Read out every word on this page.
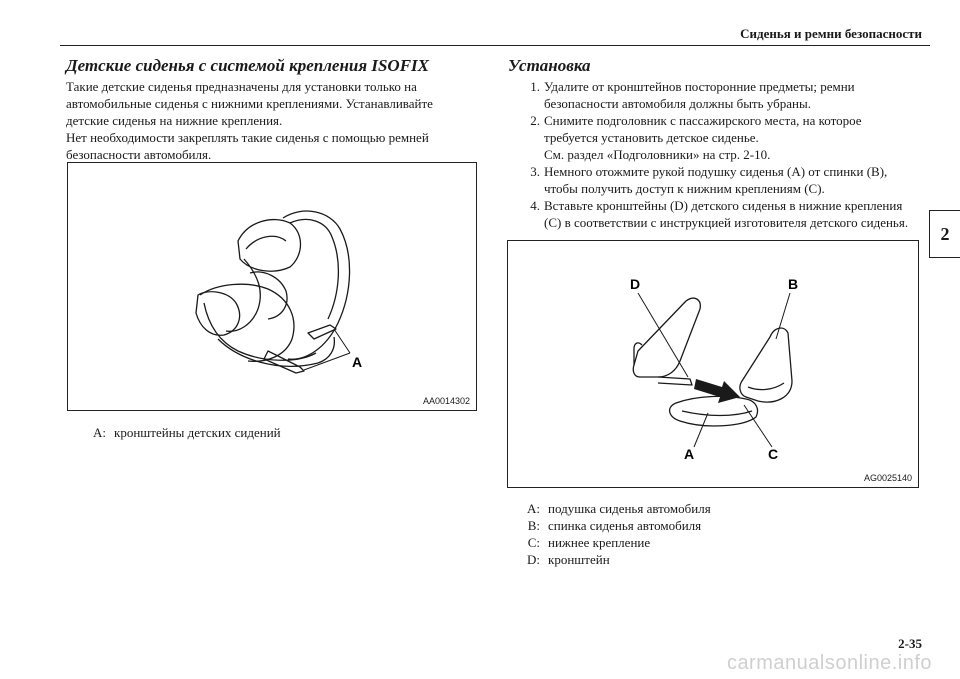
Сиденья и ремни безопасности
2
Детские сиденья с системой крепления ISOFIX

Такие детские сиденья предназначены для установки только на автомобильные сиденья с нижними креплениями. Устанавливайте детские сиденья на нижние крепления.

Нет необходимости закреплять такие сиденья с помощью ремней безопасности автомобиля.

A
AA0014302
A: кронштейны детских сидений
Установка
1. Удалите от кронштейнов посторонние предметы; ремни безопасности автомобиля должны быть убраны.
2. Снимите подголовник с пассажирского места, на которое требуется установить детское сиденье.
См. раздел «Подголовники» на стр. 2-10.
3. Немного отожмите рукой подушку сиденья (A) от спинки (B), чтобы получить доступ к нижним креплениям (C).
4. Вставьте кронштейны (D) детского сиденья в нижние крепления (C) в соответствии с инструкцией изготовителя детского сиденья.
D	B
A	C
AG0025140
A: подушка сиденья автомобиля
B: спинка сиденья автомобиля
C: нижнее крепление
D: кронштейн
2-35
carmanualsonline.info
